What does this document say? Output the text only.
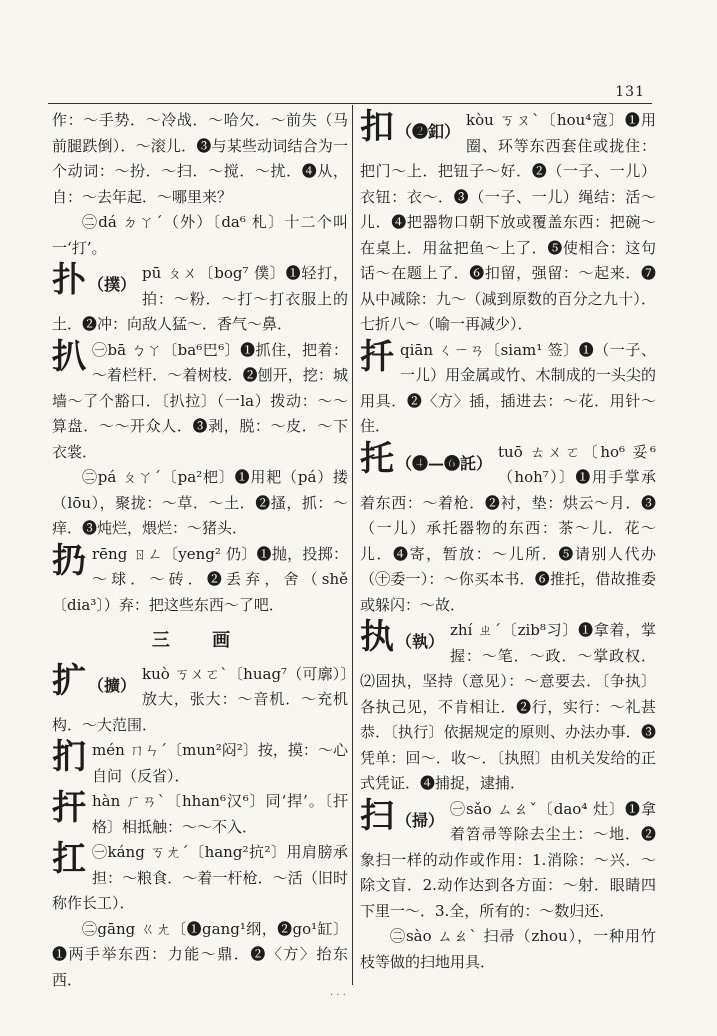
131

作：～手势．～冷战．～哈欠．～前失（马前腿跌倒）．～滚儿．❸与某些动词结合为一个动词：～扮．～扫．～搅．～扰．❹从，自：～去年起．～哪里来？

㊁dá ㄉㄚˊ（外）〔da⁶ 札〕十二个叫一‘打’。

扑 （撲）

pū ㄆㄨ〔bog⁷ 僕〕❶轻打，拍：～粉．～打～打衣服上的土．❷冲：向敌人猛～．香气～鼻．

扒 ㊀bā ㄅㄚ〔ba⁶巴⁶〕❶抓住，把着：～着栏杆．～着树枝．❷刨开，挖：城墙～了个豁口．〔扒拉〕（一la）拨动：～～算盘．～～开众人．❸剥，脱：～皮．～下衣裳．

㊁pá ㄆㄚˊ〔pa²杷〕❶用耙（pá）搂（lōu），聚拢：～草．～土．❷搔，抓：～痒．❸炖烂，煨烂：～猪头．

扔 rēng ㄖㄥ〔yeng² 仍〕❶抛，投掷：～球．～砖．❷丢弃，舍（shě〔dia³〕）弃：把这些东西～了吧．

三 画
扩 （擴）

kuò ㄎㄨㄛˋ〔huag⁷（可廓）〕放大，张大：～音机．～充机构．～大范围．

扪 mén ㄇㄣˊ〔mun²闷²〕按，摸：～心自问（反省）．

扞 hàn ㄏㄢˋ〔hhan⁶汉⁶〕同‘捍’。〔扞格〕相抵触：～～不入．

扛 ㊀káng ㄎㄤˊ〔hang²抗²〕用肩膀承担：～粮食．～着一杆枪．～活（旧时称作长工）．

㊁gāng ㄍㄤ〔❶gang¹纲，❷go¹缸〕❶两手举东西：力能～鼎．❷〈方〉抬东西．

扣 （❷釦）

kòu ㄎㄡˋ〔hou⁴寇〕❶用圈、环等东西套住或拢住：把门～上．把钮子～好．❷（一子、一儿）衣钮：衣～．❸（一子、一儿）绳结：活～儿．❹把器物口朝下放或覆盖东西：把碗～在桌上．用盆把鱼～上了．❺使相合：这句话～在题上了．❻扣留，强留：～起来．❼从中减除：九～（减到原数的百分之九十）．七折八～（喻一再减少）．

扦 qiān ㄑㄧㄢ〔siam¹ 签〕❶（一子、一儿）用金属或竹、木制成的一头尖的用具．❷〈方〉插，插进去：～花．用针～住．

托 （❹—❻託）

tuō ㄊㄨㄛ〔ho⁶ 妥⁶（hoh⁷）〕❶用手掌承着东西：～着枪．❷衬，垫：烘云～月．❸（一儿）承托器物的东西：茶～儿．花～儿．❹寄，暂放：～儿所．❺请别人代办（㊉委一）：～你买本书．❻推托，借故推委或躲闪：～故．

执 （執）

zhí ㄓˊ〔zib⁸习〕❶拿着，掌握：～笔．～政．～掌政权．⑵固执，坚持（意见）：～意要去．〔争执〕各执己见，不肯相让．❷行，实行：～礼甚恭．〔执行〕依据规定的原则、办法办事．❸凭单：回～．收～．〔执照〕由机关发给的正式凭证．❹捕捉，逮捕．

扫 （掃）

㊀sǎo ㄙㄠˇ〔dao⁴ 灶〕❶拿着笤帚等除去尘土：～地．❷象扫一样的动作或作用：1.消除：～兴．～除文盲．2.动作达到各方面：～射．眼睛四下里一～．3.全，所有的：～数归还．

㊁sào ㄙㄠˋ 扫帚（zhou），一种用竹枝等做的扫地用具．

· · ·
